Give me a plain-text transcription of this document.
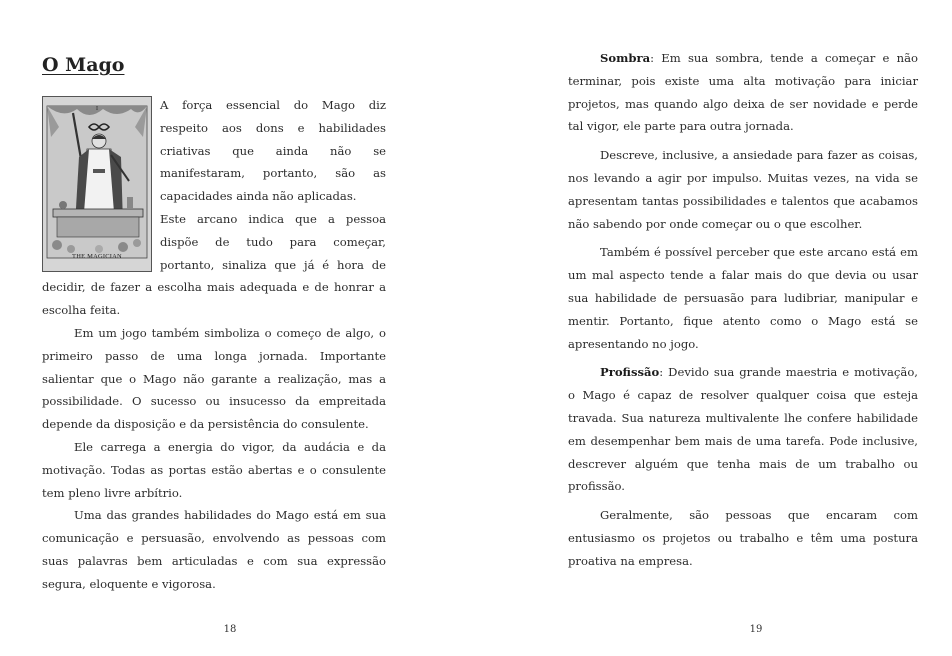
O Mago
I
THE MAGICIAN

A força essencial do Mago diz respeito aos dons e habilidades criativas que ainda não se manifestaram, portanto, são as capacidades ainda não aplicadas.

Este arcano indica que a pessoa dispõe de tudo para começar, portanto, sinaliza que já é hora de decidir, de fazer a escolha mais adequada e de honrar a escolha feita.

Em um jogo também simboliza o começo de algo, o primeiro passo de uma longa jornada. Importante salientar que o Mago não garante a realização, mas a possibilidade. O sucesso ou insucesso da empreitada depende da disposição e da persistência do consulente.

Ele carrega a energia do vigor, da audácia e da motivação. Todas as portas estão abertas e o consulente tem pleno livre arbítrio.

Uma das grandes habilidades do Mago está em sua comunicação e persuasão, envolvendo as pessoas com suas palavras bem articuladas e com sua expressão segura, eloquente e vigorosa.

18

Sombra: Em sua sombra, tende a começar e não terminar, pois existe uma alta motivação para iniciar projetos, mas quando algo deixa de ser novidade e perde tal vigor, ele parte para outra jornada.

Descreve, inclusive, a ansiedade para fazer as coisas, nos levando a agir por impulso. Muitas vezes, na vida se apresentam tantas possibilidades e talentos que acabamos não sabendo por onde começar ou o que escolher.

Também é possível perceber que este arcano está em um mal aspecto tende a falar mais do que devia ou usar sua habilidade de persuasão para ludibriar, manipular e mentir. Portanto, fique atento como o Mago está se apresentando no jogo.

Profissão: Devido sua grande maestria e motivação, o Mago é capaz de resolver qualquer coisa que esteja travada. Sua natureza multivalente lhe confere habilidade em desempenhar bem mais de uma tarefa. Pode inclusive, descrever alguém que tenha mais de um trabalho ou profissão.

Geralmente, são pessoas que encaram com entusiasmo os projetos ou trabalho e têm uma postura proativa na empresa.

19
